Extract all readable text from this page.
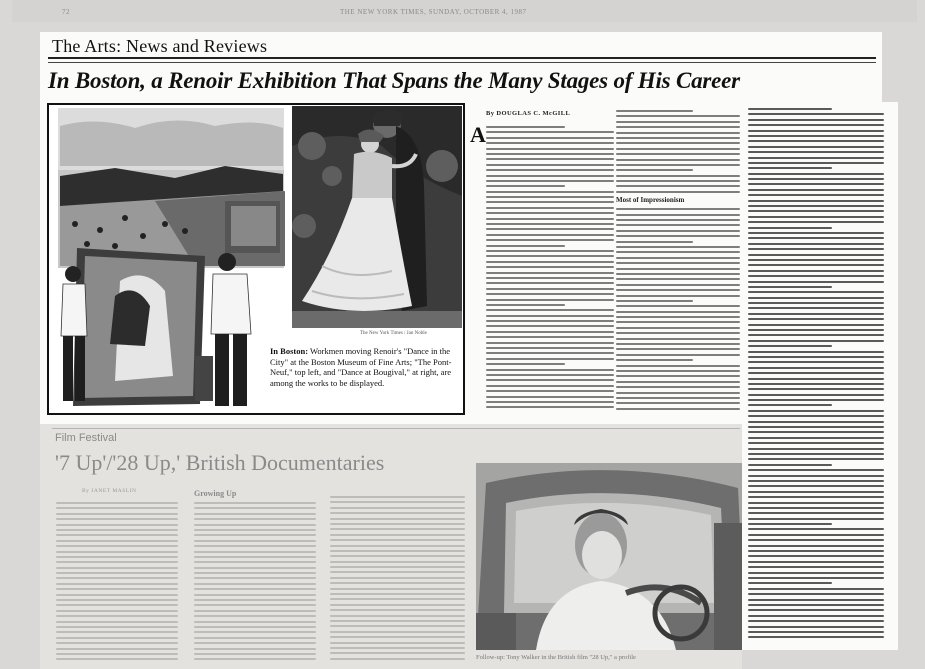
72	THE NEW YORK TIMES, SUNDAY, OCTOBER 4, 1987
Film Festival
'7 Up'/'28 Up,' British Documentaries
By JANET MASLIN	Growing Up
Follow-up: Tony Walker in the British film "28 Up," a profile
The Arts: News and Reviews
In Boston, a Renoir Exhibition That Spans the Many Stages of His Career
The New York Times / Jan Noble
In Boston: Workmen moving Renoir's "Dance in the City" at the Boston Museum of Fine Arts; "The Pont-Neuf," top left, and "Dance at Bougival," at right, are among the works to be displayed.
By DOUGLAS C. McGILL
A
Most of Impressionism
